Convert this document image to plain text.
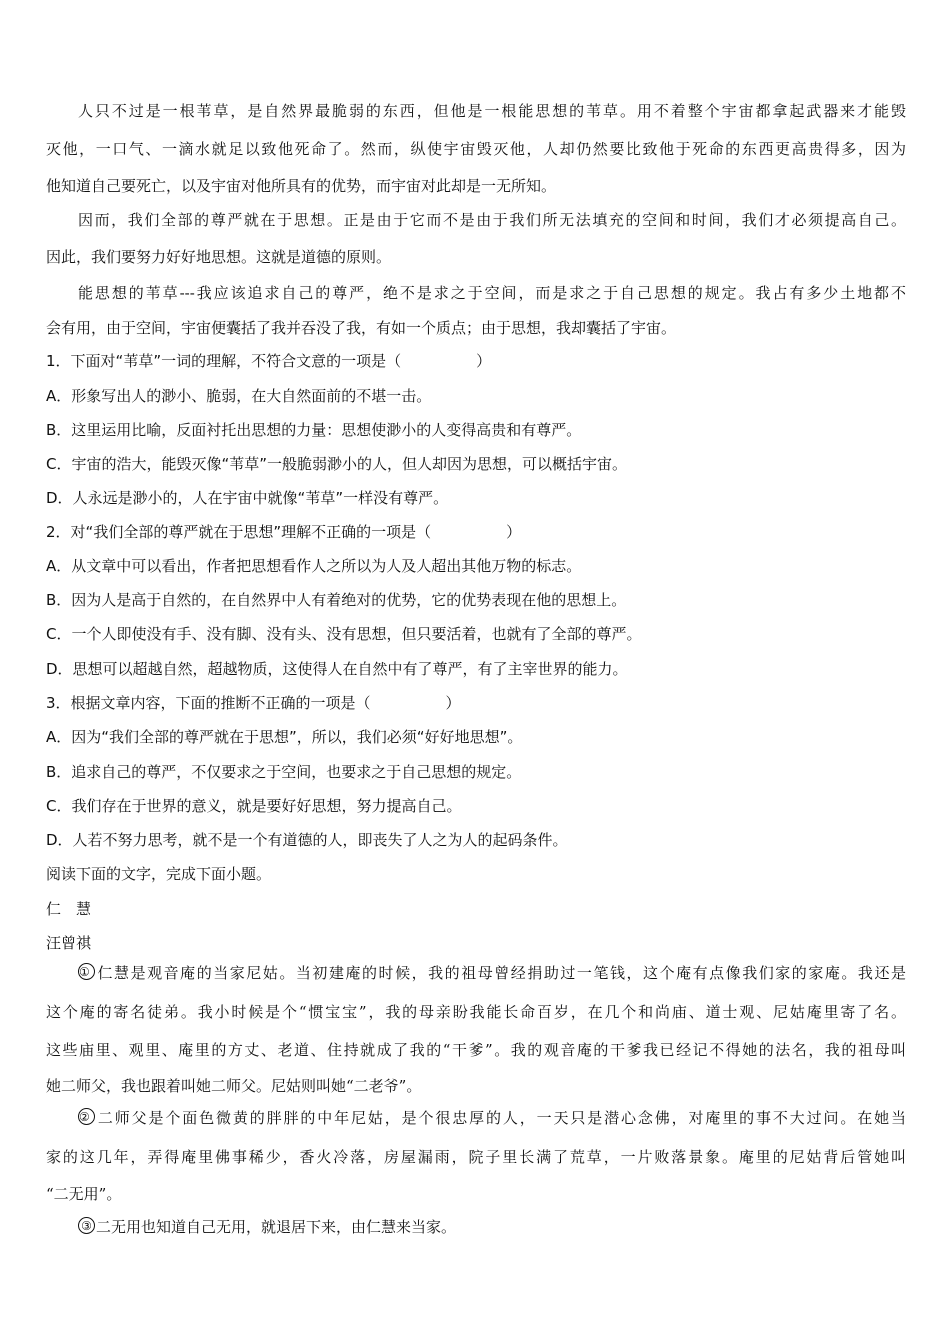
人只不过是一根苇草，是自然界最脆弱的东西，但他是一根能思想的苇草。用不着整个宇宙都拿起武器来才能毁
灭他，一口气、一滴水就足以致他死命了。然而，纵使宇宙毁灭他，人却仍然要比致他于死命的东西更高贵得多，因为
他知道自己要死亡，以及宇宙对他所具有的优势，而宇宙对此却是一无所知。
因而，我们全部的尊严就在于思想。正是由于它而不是由于我们所无法填充的空间和时间，我们才必须提高自己。
因此，我们要努力好好地思想。这就是道德的原则。
能思想的苇草---我应该追求自己的尊严，绝不是求之于空间，而是求之于自己思想的规定。我占有多少土地都不
会有用，由于空间，宇宙便囊括了我并吞没了我，有如一个质点；由于思想，我却囊括了宇宙。
1．下面对“苇草”一词的理解，不符合文意的一项是（　　　　　）
A．形象写出人的渺小、脆弱，在大自然面前的不堪一击。
B．这里运用比喻，反面衬托出思想的力量：思想使渺小的人变得高贵和有尊严。
C．宇宙的浩大，能毁灭像“苇草”一般脆弱渺小的人，但人却因为思想，可以概括宇宙。
D．人永远是渺小的，人在宇宙中就像“苇草”一样没有尊严。
2．对“我们全部的尊严就在于思想”理解不正确的一项是（　　　　　）
A．从文章中可以看出，作者把思想看作人之所以为人及人超出其他万物的标志。
B．因为人是高于自然的，在自然界中人有着绝对的优势，它的优势表现在他的思想上。
C．一个人即使没有手、没有脚、没有头、没有思想，但只要活着，也就有了全部的尊严。
D．思想可以超越自然，超越物质，这使得人在自然中有了尊严，有了主宰世界的能力。
3．根据文章内容，下面的推断不正确的一项是（　　　　　）
A．因为“我们全部的尊严就在于思想”，所以，我们必须“好好地思想”。
B．追求自己的尊严，不仅要求之于空间，也要求之于自己思想的规定。
C．我们存在于世界的意义，就是要好好思想，努力提高自己。
D．人若不努力思考，就不是一个有道德的人，即丧失了人之为人的起码条件。
阅读下面的文字，完成下面小题。
仁　慧
汪曾祺
① 仁慧是观音庵的当家尼姑。当初建庵的时候，我的祖母曾经捐助过一笔钱，这个庵有点像我们家的家庵。我还是
这个庵的寄名徒弟。我小时候是个“惯宝宝”，我的母亲盼我能长命百岁，在几个和尚庙、道士观、尼姑庵里寄了名。
这些庙里、观里、庵里的方丈、老道、住持就成了我的“干爹”。我的观音庵的干爹我已经记不得她的法名，我的祖母叫
她二师父，我也跟着叫她二师父。尼姑则叫她“二老爷”。
② 二师父是个面色微黄的胖胖的中年尼姑，是个很忠厚的人，一天只是潜心念佛，对庵里的事不大过问。在她当
家的这几年，弄得庵里佛事稀少，香火冷落，房屋漏雨，院子里长满了荒草，一片败落景象。庵里的尼姑背后管她叫
“二无用”。
③ 二无用也知道自己无用，就退居下来，由仁慧来当家。
